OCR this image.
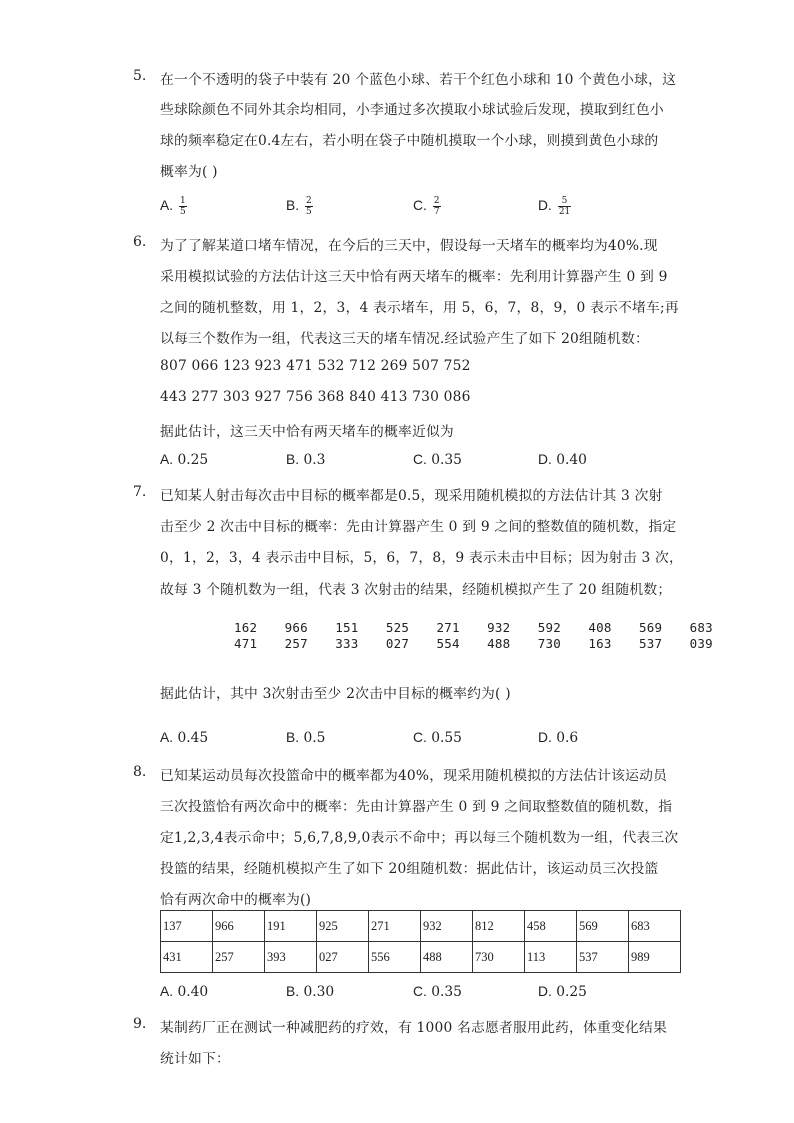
5. 在一个不透明的袋子中装有 20 个蓝色小球、若干个红色小球和 10 个黄色小球，这
些球除颜色不同外其余均相同，小李通过多次摸取小球试验后发现，摸取到红色小
球的频率稳定在0.4左右，若小明在袋子中随机摸取一个小球，则摸到黄色小球的
概率为( )
A. $\frac{1}{5}$	B. $\frac{2}{5}$	C. $\frac{2}{7}$	D. $\frac{5}{21}$
6. 为了了解某道口堵车情况，在今后的三天中，假设每一天堵车的概率均为40%.现
采用模拟试验的方法估计这三天中恰有两天堵车的概率：先利用计算器产生 0 到 9
之间的随机整数，用 1，2，3，4 表示堵车，用 5，6，7，8，9，0 表示不堵车;再
以每三个数作为一组，代表这三天的堵车情况.经试验产生了如下 20组随机数：
807 066 123 923 471 532 712 269 507 752
443 277 303 927 756 368 840 413 730 086
据此估计，这三天中恰有两天堵车的概率近似为
A. 0.25	B. 0.3	C. 0.35	D. 0.40
7. 已知某人射击每次击中目标的概率都是0.5，现采用随机模拟的方法估计其 3 次射
击至少 2 次击中目标的概率：先由计算器产生 0 到 9 之间的整数值的随机数，指定
0，1，2，3，4 表示击中目标，5，6，7，8，9 表示未击中目标；因为射击 3 次，
故每 3 个随机数为一组，代表 3 次射击的结果，经随机模拟产生了 20 组随机数；
162  966  151  525  271  932  592  408  569  683
471  257  333  027  554  488  730  163  537  039
据此估计，其中 3次射击至少 2次击中目标的概率约为( )
A. 0.45	B. 0.5	C. 0.55	D. 0.6
8. 已知某运动员每次投篮命中的概率都为40%，现采用随机模拟的方法估计该运动员
三次投篮恰有两次命中的概率：先由计算器产生 0 到 9 之间取整数值的随机数，指
定1,2,3,4表示命中；5,6,7,8,9,0表示不命中；再以每三个随机数为一组，代表三次
投篮的结果，经随机模拟产生了如下 20组随机数：据此估计，该运动员三次投篮
恰有两次命中的概率为()
137	966	191	925	271	932	812	458	569	683
431	257	393	027	556	488	730	113	537	989
A. 0.40	B. 0.30	C. 0.35	D. 0.25
9. 某制药厂正在测试一种减肥药的疗效，有 1000 名志愿者服用此药，体重变化结果
统计如下：
